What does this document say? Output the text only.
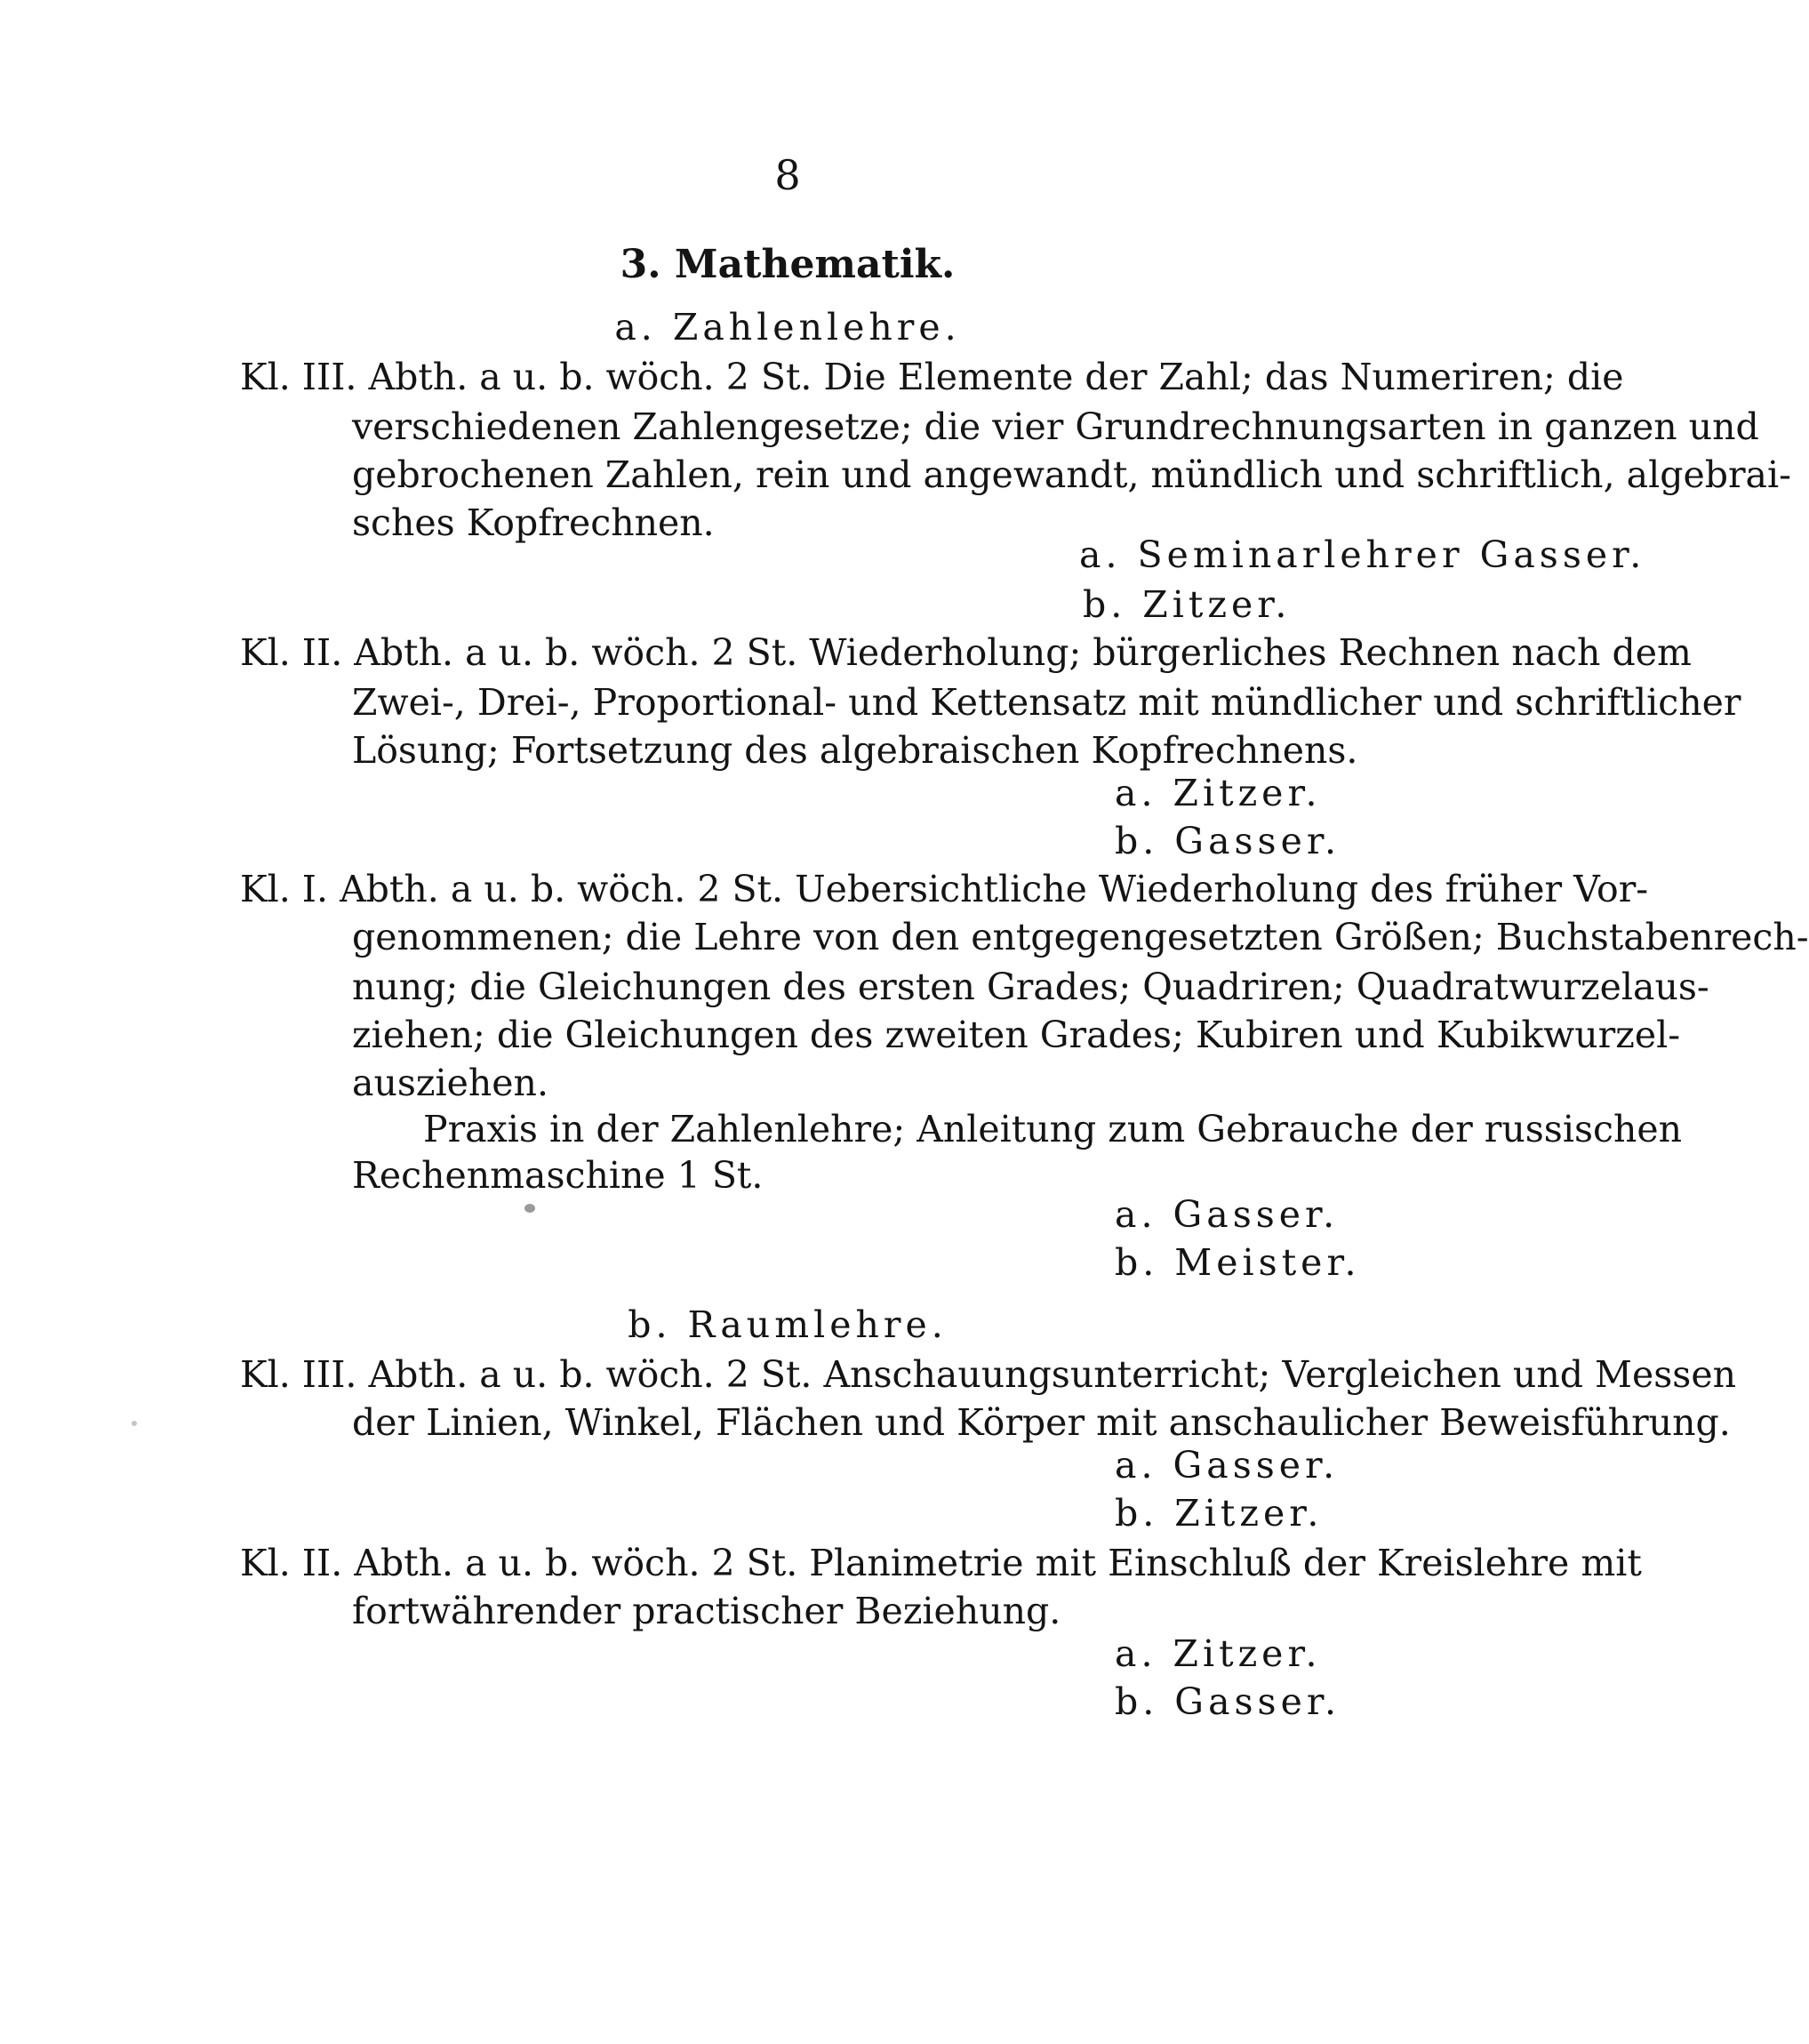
8
3. Mathematik.
a. Zahlenlehre.
Kl. III. Abth. a u. b. wöch. 2 St. Die Elemente der Zahl; das Numeriren; die
verschiedenen Zahlengesetze; die vier Grundrechnungsarten in ganzen und
gebrochenen Zahlen, rein und angewandt, mündlich und schriftlich, algebrai-
sches Kopfrechnen.
a. Seminarlehrer Gasser.
b. Zitzer.
Kl. II. Abth. a u. b. wöch. 2 St. Wiederholung; bürgerliches Rechnen nach dem
Zwei-, Drei-, Proportional- und Kettensatz mit mündlicher und schriftlicher
Lösung; Fortsetzung des algebraischen Kopfrechnens.
a. Zitzer.
b. Gasser.
Kl. I. Abth. a u. b. wöch. 2 St. Uebersichtliche Wiederholung des früher Vor-
genommenen; die Lehre von den entgegengesetzten Größen; Buchstabenrech-
nung; die Gleichungen des ersten Grades; Quadriren; Quadratwurzelaus-
ziehen; die Gleichungen des zweiten Grades; Kubiren und Kubikwurzel-
ausziehen.
Praxis in der Zahlenlehre; Anleitung zum Gebrauche der russischen
Rechenmaschine 1 St.
a. Gasser.
b. Meister.
b. Raumlehre.
Kl. III. Abth. a u. b. wöch. 2 St. Anschauungsunterricht; Vergleichen und Messen
der Linien, Winkel, Flächen und Körper mit anschaulicher Beweisführung.
a. Gasser.
b. Zitzer.
Kl. II. Abth. a u. b. wöch. 2 St. Planimetrie mit Einschluß der Kreislehre mit
fortwährender practischer Beziehung.
a. Zitzer.
b. Gasser.
